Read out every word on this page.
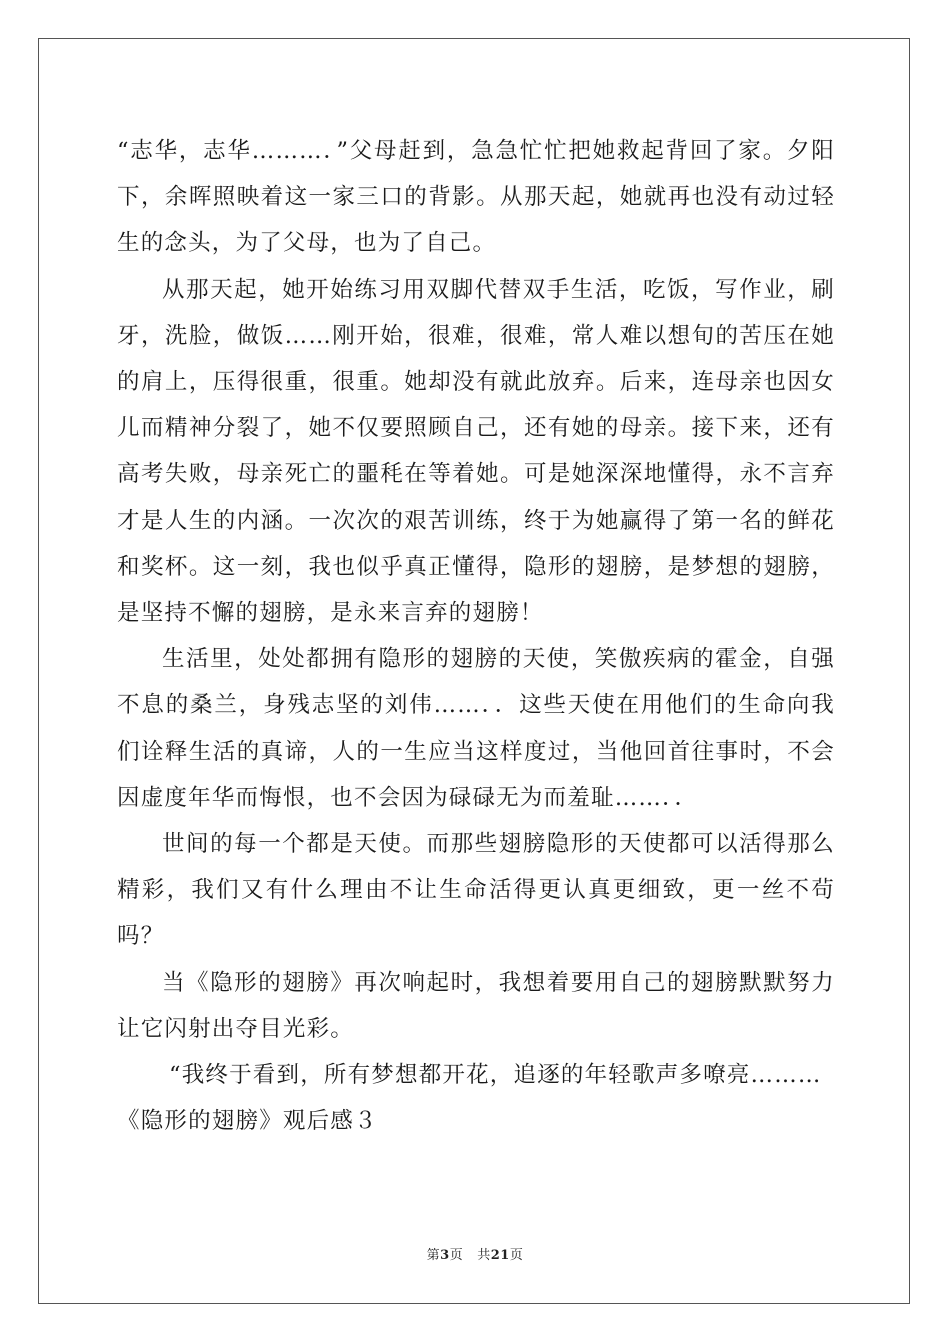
“志华，志华………．”父母赶到，急急忙忙把她救起背回了家。夕阳下，余晖照映着这一家三口的背影。从那天起，她就再也没有动过轻生的念头，为了父母，也为了自己。

从那天起，她开始练习用双脚代替双手生活，吃饭，写作业，刷牙，洗脸，做饭……刚开始，很难，很难，常人难以想旬的苦压在她的肩上，压得很重，很重。她却没有就此放弃。后来，连母亲也因女儿而精神分裂了，她不仅要照顾自己，还有她的母亲。接下来，还有高考失败，母亲死亡的噩秏在等着她。可是她深深地懂得，永不言弃才是人生的内涵。一次次的艰苦训练，终于为她赢得了第一名的鲜花和奖杯。这一刻，我也似乎真正懂得，隐形的翅膀，是梦想的翅膀，是坚持不懈的翅膀，是永来言弃的翅膀！

生活里，处处都拥有隐形的翅膀的天使，笑傲疾病的霍金，自强不息的桑兰，身残志坚的刘伟……．．这些天使在用他们的生命向我们诠释生活的真谛，人的一生应当这样度过，当他回首往事时，不会因虚度年华而悔恨，也不会因为碌碌无为而羞耻……．．

世间的每一个都是天使。而那些翅膀隐形的天使都可以活得那么精彩，我们又有什么理由不让生命活得更认真更细致，更一丝不茍吗？

当《隐形的翅膀》再次响起时，我想着要用自己的翅膀默默努力让它闪射出夺目光彩。

“我终于看到，所有梦想都开花，追逐的年轻歌声多嘹亮………

《隐形的翅膀》观后感３

第3页 共21页
